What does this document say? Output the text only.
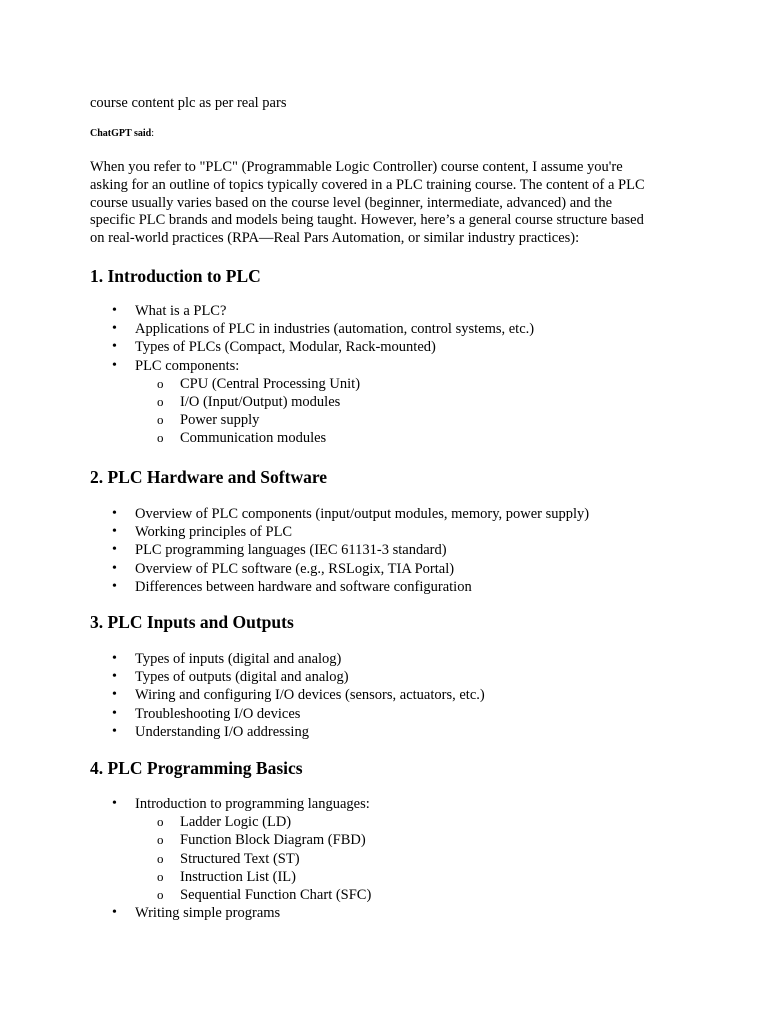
course content plc as per real pars
ChatGPT said:
When you refer to "PLC" (Programmable Logic Controller) course content, I assume you're
asking for an outline of topics typically covered in a PLC training course. The content of a PLC
course usually varies based on the course level (beginner, intermediate, advanced) and the
specific PLC brands and models being taught. However, here’s a general course structure based
on real-world practices (RPA—Real Pars Automation, or similar industry practices):
1. Introduction to PLC
• What is a PLC?
• Applications of PLC in industries (automation, control systems, etc.)
• Types of PLCs (Compact, Modular, Rack-mounted)
• PLC components:
o CPU (Central Processing Unit)
o I/O (Input/Output) modules
o Power supply
o Communication modules
2. PLC Hardware and Software
• Overview of PLC components (input/output modules, memory, power supply)
• Working principles of PLC
• PLC programming languages (IEC 61131-3 standard)
• Overview of PLC software (e.g., RSLogix, TIA Portal)
• Differences between hardware and software configuration
3. PLC Inputs and Outputs
• Types of inputs (digital and analog)
• Types of outputs (digital and analog)
• Wiring and configuring I/O devices (sensors, actuators, etc.)
• Troubleshooting I/O devices
• Understanding I/O addressing
4. PLC Programming Basics
• Introduction to programming languages:
o Ladder Logic (LD)
o Function Block Diagram (FBD)
o Structured Text (ST)
o Instruction List (IL)
o Sequential Function Chart (SFC)
• Writing simple programs
